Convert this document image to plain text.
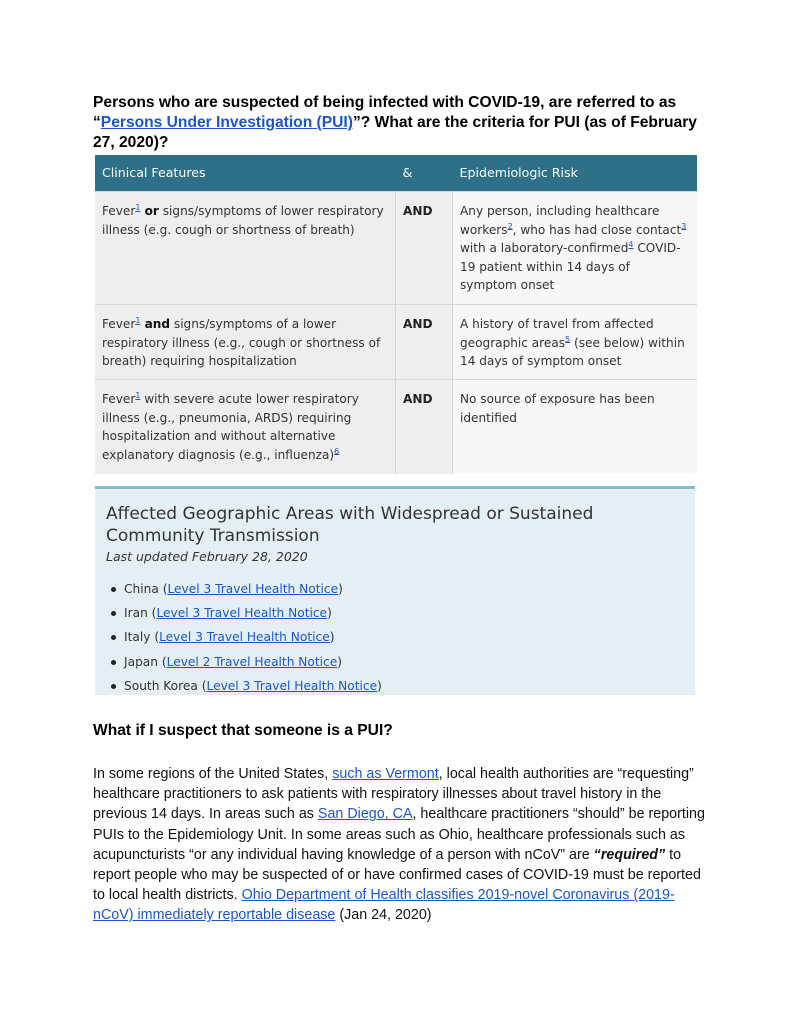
Persons who are suspected of being infected with COVID-19, are referred to as “Persons Under Investigation (PUI)”? What are the criteria for PUI (as of February 27, 2020)?
Clinical Features	&	Epidemiologic Risk
Fever$^1$ or signs/symptoms of lower respiratory illness (e.g. cough or shortness of breath)	AND	Any person, including healthcare workers$^2$, who has had close contact$^3$ with a laboratory-confirmed$^4$ COVID-19 patient within 14 days of symptom onset
Fever$^1$ and signs/symptoms of a lower respiratory illness (e.g., cough or shortness of breath) requiring hospitalization	AND	A history of travel from affected geographic areas$^5$ (see below) within 14 days of symptom onset
Fever$^1$ with severe acute lower respiratory illness (e.g., pneumonia, ARDS) requiring hospitalization and without alternative explanatory diagnosis (e.g., influenza)$^6$	AND	No source of exposure has been identified
Affected Geographic Areas with Widespread or Sustained Community Transmission
Last updated February 28, 2020
China (Level 3 Travel Health Notice)
Iran (Level 3 Travel Health Notice)
Italy (Level 3 Travel Health Notice)
Japan (Level 2 Travel Health Notice)
South Korea (Level 3 Travel Health Notice)
What if I suspect that someone is a PUI?
In some regions of the United States, such as Vermont, local health authorities are “requesting” healthcare practitioners to ask patients with respiratory illnesses about travel history in the previous 14 days. In areas such as San Diego, CA, healthcare practitioners “should” be reporting PUIs to the Epidemiology Unit. In some areas such as Ohio, healthcare professionals such as acupuncturists “or any individual having knowledge of a person with nCoV” are “required” to report people who may be suspected of or have confirmed cases of COVID-19 must be reported to local health districts. Ohio Department of Health classifies 2019-novel Coronavirus (2019-nCoV) immediately reportable disease (Jan 24, 2020)
